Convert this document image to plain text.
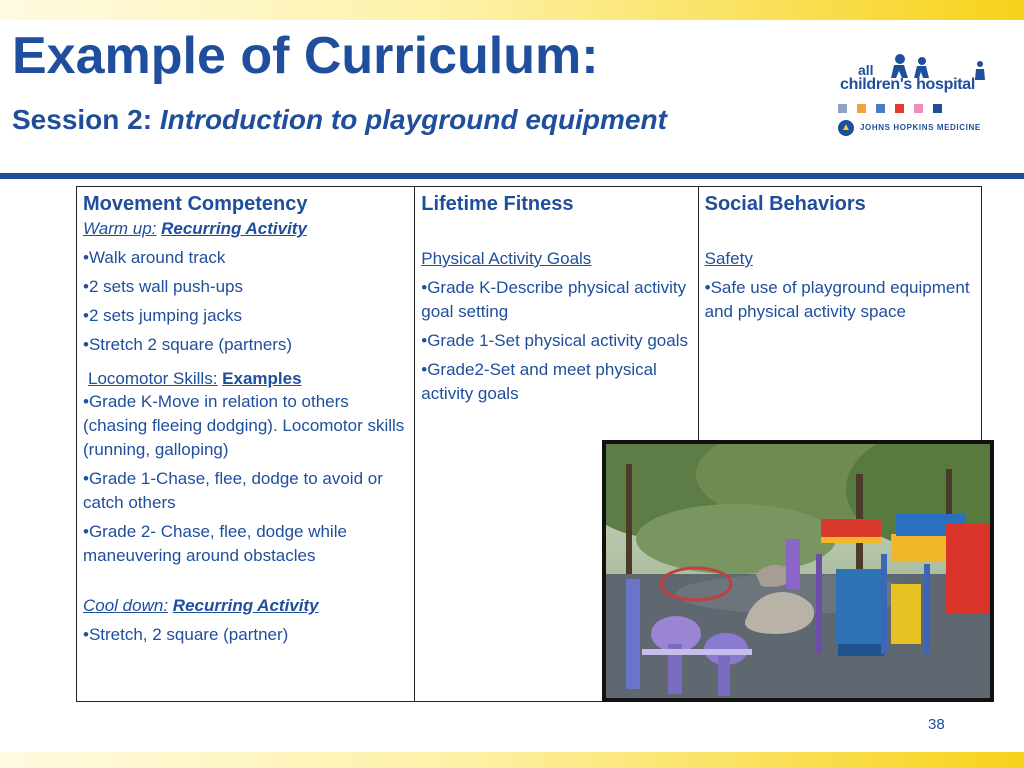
Example of Curriculum:
Session 2: Introduction to playground equipment
all
children's hospital
▲	JOHNS HOPKINS MEDICINE
Movement Competency
Warm up: Recurring Activity
•Walk around track
•2 sets wall push-ups
•2 sets jumping jacks
•Stretch 2 square (partners)
Locomotor Skills: Examples
•Grade K-Move in relation to others (chasing fleeing dodging). Locomotor skills (running, galloping)
•Grade 1-Chase, flee, dodge to avoid or catch others
•Grade 2- Chase, flee, dodge while maneuvering around obstacles
Cool down: Recurring Activity
•Stretch, 2 square (partner)
Lifetime Fitness
Physical Activity Goals
•Grade K-Describe physical activity goal setting
•Grade 1-Set physical activity goals
•Grade2-Set and meet physical activity goals
Social Behaviors
Safety
•Safe use of playground equipment and physical activity space
38
